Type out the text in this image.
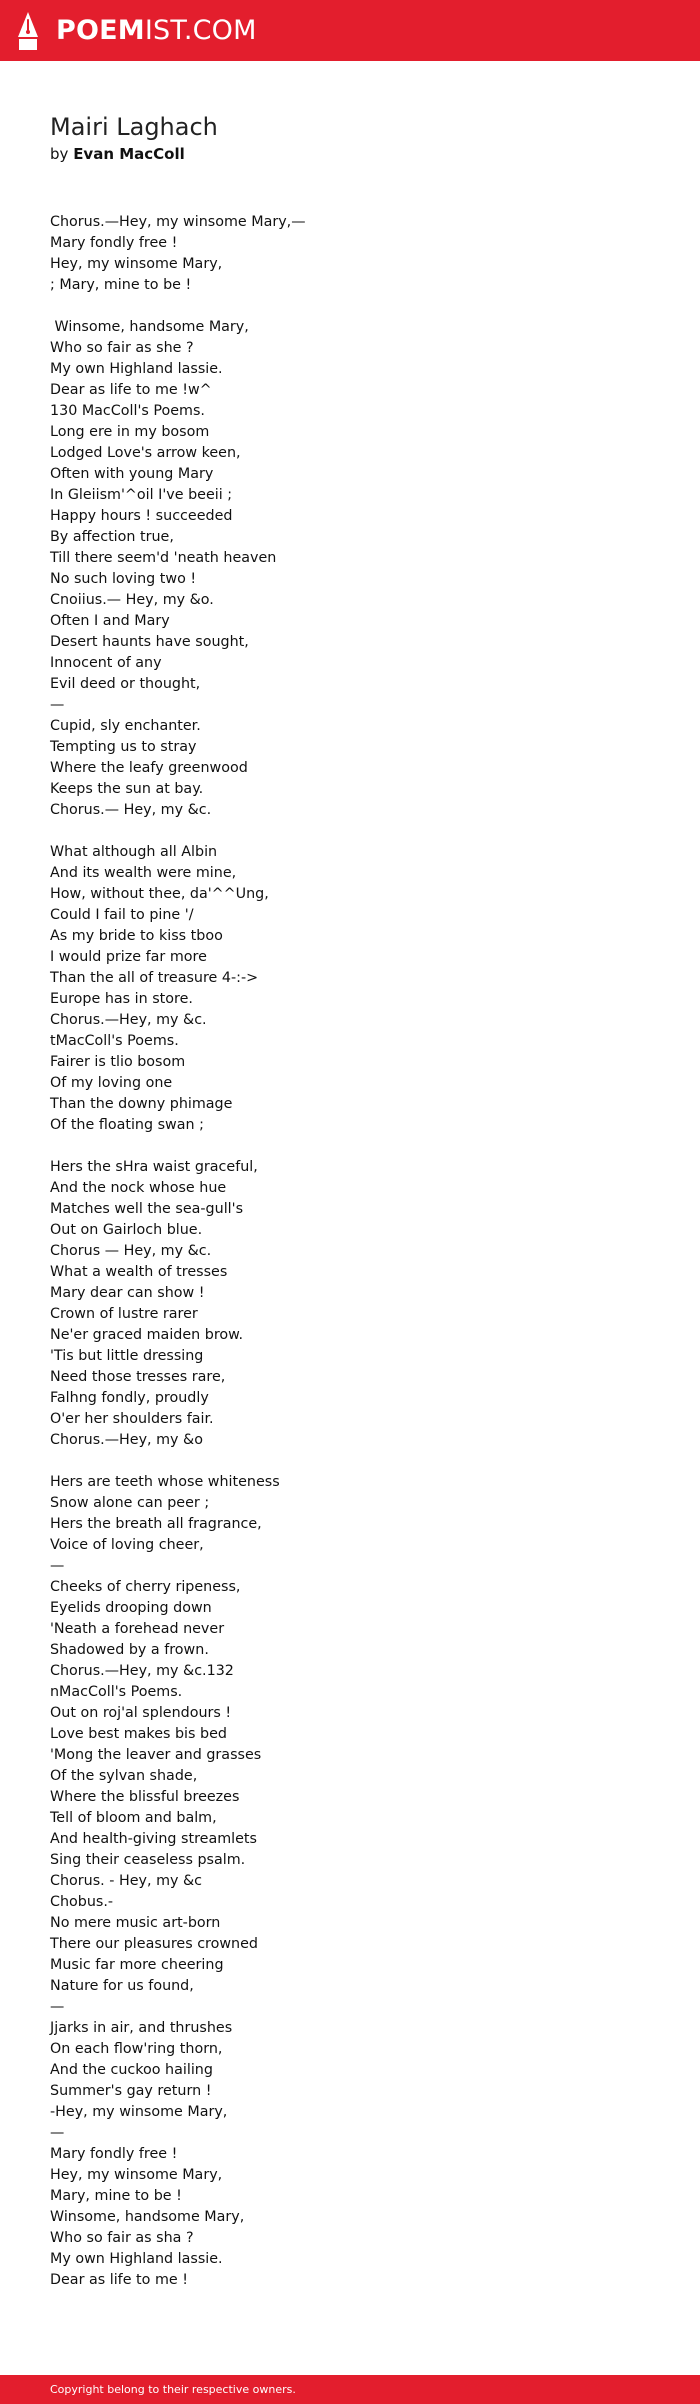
POEMIST.COM
Mairi Laghach
by Evan MacColl
Chorus.—Hey, my winsome Mary,—
Mary fondly free !
Hey, my winsome Mary,
; Mary, mine to be !
Winsome, handsome Mary,
Who so fair as she ?
My own Highland lassie.
Dear as life to me !w^
130 MacColl's Poems.
Long ere in my bosom
Lodged Love's arrow keen,
Often with young Mary
In Gleiism'^oil I've beeii ;
Happy hours ! succeeded
By affection true,
Till there seem'd 'neath heaven
No such loving two !
Cnoiius.— Hey, my &o.
Often I and Mary
Desert haunts have sought,
Innocent of any
Evil deed or thought,
—
Cupid, sly enchanter.
Tempting us to stray
Where the leafy greenwood
Keeps the sun at bay.
Chorus.— Hey, my &c.
What although all Albin
And its wealth were mine,
How, without thee, da'^^Ung,
Could I fail to pine '/
As my bride to kiss tboo
I would prize far more
Than the all of treasure 4-:->
Europe has in store.
Chorus.—Hey, my &c.
tMacColl's Poems.
Fairer is tlio bosom
Of my loving one
Than the downy phimage
Of the floating swan ;
Hers the sHra waist graceful,
And the nock whose hue
Matches well the sea-gull's
Out on Gairloch blue.
Chorus — Hey, my &c.
What a wealth of tresses
Mary dear can show !
Crown of lustre rarer
Ne'er graced maiden brow.
'Tis but little dressing
Need those tresses rare,
Falhng fondly, proudly
O'er her shoulders fair.
Chorus.—Hey, my &o
Hers are teeth whose whiteness
Snow alone can peer ;
Hers the breath all fragrance,
Voice of loving cheer,
—
Cheeks of cherry ripeness,
Eyelids drooping down
'Neath a forehead never
Shadowed by a frown.
Chorus.—Hey, my &c.132
nMacColl's Poems.
Out on roj'al splendours !
Love best makes bis bed
'Mong the leaver and grasses
Of the sylvan shade,
Where the blissful breezes
Tell of bloom and balm,
And health-giving streamlets
Sing their ceaseless psalm.
Chorus. - Hey, my &c
Chobus.-
No mere music art-born
There our pleasures crowned
Music far more cheering
Nature for us found,
—
Jjarks in air, and thrushes
On each flow'ring thorn,
And the cuckoo hailing
Summer's gay return !
-Hey, my winsome Mary,
—
Mary fondly free !
Hey, my winsome Mary,
Mary, mine to be !
Winsome, handsome Mary,
Who so fair as sha ?
My own Highland lassie.
Dear as life to me !
Copyright belong to their respective owners.
